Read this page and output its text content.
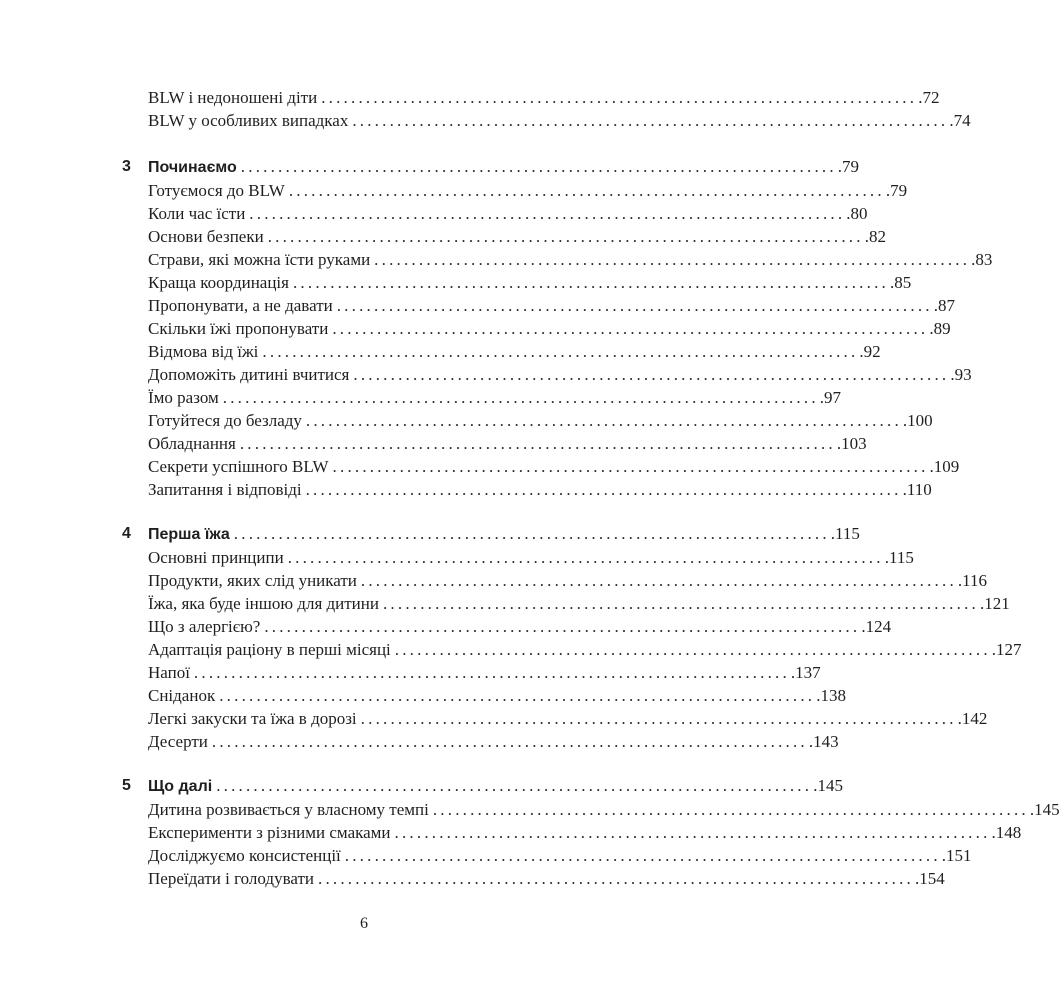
BLW і недоношені діти ................................................................................ .72
BLW у особливих випадках ................................................................................ .74
3	Починаємо ................................................................................ .79
Готуємося до BLW ................................................................................ .79
Коли час їсти ................................................................................ .80
Основи безпеки ................................................................................ .82
Страви, які можна їсти руками ................................................................................ .83
Краща координація ................................................................................ .85
Пропонувати, а не давати ................................................................................ .87
Скільки їжі пропонувати ................................................................................ .89
Відмова від їжі ................................................................................ .92
Допоможіть дитині вчитися ................................................................................ .93
Їмо разом ................................................................................ .97
Готуйтеся до безладу ................................................................................ .100
Обладнання ................................................................................ .103
Секрети успішного BLW ................................................................................ .109
Запитання і відповіді ................................................................................ .110
4	Перша їжа ................................................................................ .115
Основні принципи ................................................................................ .115
Продукти, яких слід уникати ................................................................................ .116
Їжа, яка буде іншою для дитини ................................................................................ .121
Що з алергією? ................................................................................ .124
Адаптація раціону в перші місяці ................................................................................ .127
Напої ................................................................................ .137
Сніданок ................................................................................ .138
Легкі закуски та їжа в дорозі ................................................................................ .142
Десерти ................................................................................ .143
5	Що далі ................................................................................ .145
Дитина розвивається у власному темпі ................................................................................ .145
Експерименти з різними смаками ................................................................................ .148
Досліджуємо консистенції ................................................................................ .151
Переїдати і голодувати ................................................................................ .154
6
